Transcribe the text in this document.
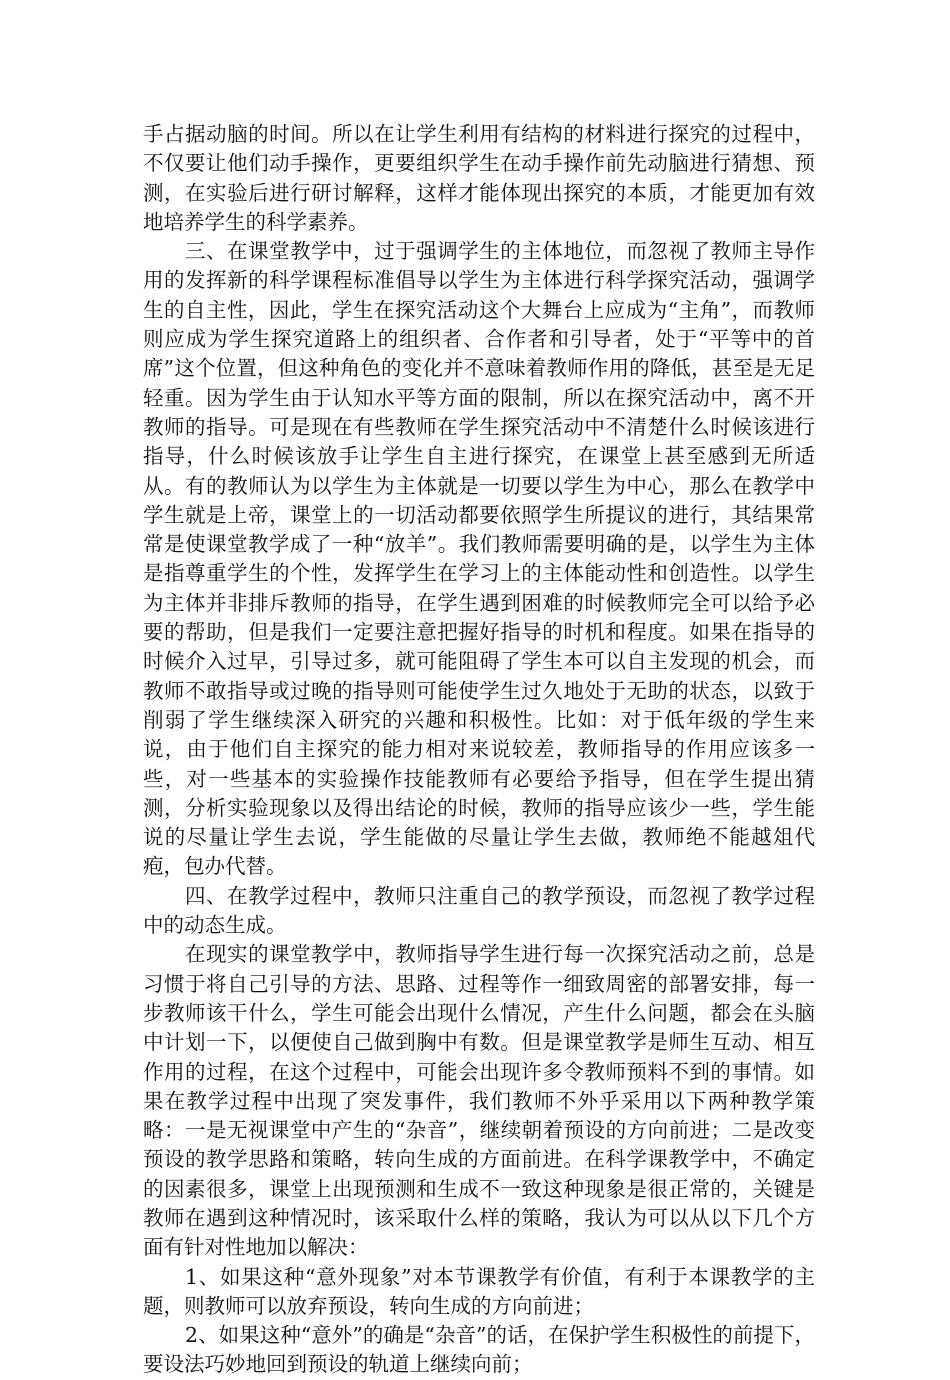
手占据动脑的时间。所以在让学生利用有结构的材料进行探究的过程中，不仅要让他们动手操作，更要组织学生在动手操作前先动脑进行猜想、预测，在实验后进行研讨解释，这样才能体现出探究的本质，才能更加有效地培养学生的科学素养。

三、在课堂教学中，过于强调学生的主体地位，而忽视了教师主导作用的发挥新的科学课程标准倡导以学生为主体进行科学探究活动，强调学生的自主性，因此，学生在探究活动这个大舞台上应成为“主角”，而教师则应成为学生探究道路上的组织者、合作者和引导者，处于“平等中的首席”这个位置，但这种角色的变化并不意味着教师作用的降低，甚至是无足轻重。因为学生由于认知水平等方面的限制，所以在探究活动中，离不开教师的指导。可是现在有些教师在学生探究活动中不清楚什么时候该进行指导，什么时候该放手让学生自主进行探究，在课堂上甚至感到无所适从。有的教师认为以学生为主体就是一切要以学生为中心，那么在教学中学生就是上帝，课堂上的一切活动都要依照学生所提议的进行，其结果常常是使课堂教学成了一种“放羊”。我们教师需要明确的是，以学生为主体是指尊重学生的个性，发挥学生在学习上的主体能动性和创造性。以学生为主体并非排斥教师的指导，在学生遇到困难的时候教师完全可以给予必要的帮助，但是我们一定要注意把握好指导的时机和程度。如果在指导的时候介入过早，引导过多，就可能阻碍了学生本可以自主发现的机会，而教师不敢指导或过晚的指导则可能使学生过久地处于无助的状态，以致于削弱了学生继续深入研究的兴趣和积极性。比如：对于低年级的学生来说，由于他们自主探究的能力相对来说较差，教师指导的作用应该多一些，对一些基本的实验操作技能教师有必要给予指导，但在学生提出猜测，分析实验现象以及得出结论的时候，教师的指导应该少一些，学生能说的尽量让学生去说，学生能做的尽量让学生去做，教师绝不能越俎代疱，包办代替。

四、在教学过程中，教师只注重自己的教学预设，而忽视了教学过程中的动态生成。

在现实的课堂教学中，教师指导学生进行每一次探究活动之前，总是习惯于将自己引导的方法、思路、过程等作一细致周密的部署安排，每一步教师该干什么，学生可能会出现什么情况，产生什么问题，都会在头脑中计划一下，以便使自己做到胸中有数。但是课堂教学是师生互动、相互作用的过程，在这个过程中，可能会出现许多令教师预料不到的事情。如果在教学过程中出现了突发事件，我们教师不外乎采用以下两种教学策略：一是无视课堂中产生的“杂音”，继续朝着预设的方向前进；二是改变预设的教学思路和策略，转向生成的方面前进。在科学课教学中，不确定的因素很多，课堂上出现预测和生成不一致这种现象是很正常的，关键是教师在遇到这种情况时，该采取什么样的策略，我认为可以从以下几个方面有针对性地加以解决：

1、如果这种“意外现象”对本节课教学有价值，有利于本课教学的主题，则教师可以放弃预设，转向生成的方向前进；

2、如果这种“意外”的确是“杂音”的话，在保护学生积极性的前提下，要设法巧妙地回到预设的轨道上继续向前；
